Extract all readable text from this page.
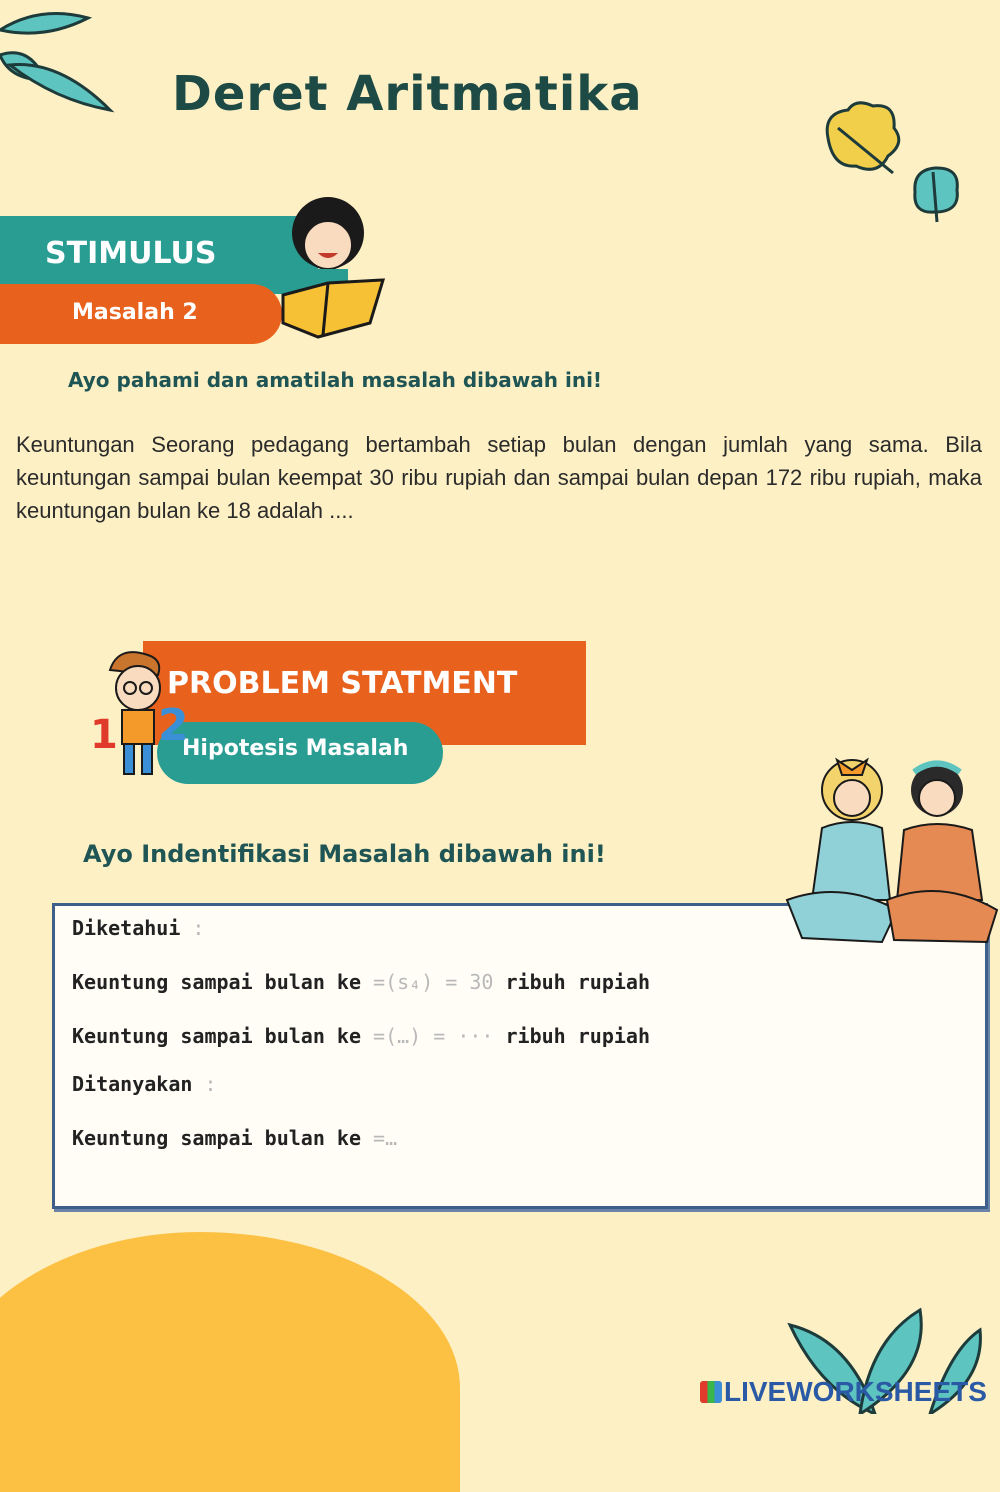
Deret Aritmatika
STIMULUS
Masalah 2
Ayo pahami dan amatilah masalah dibawah ini!
Keuntungan Seorang pedagang bertambah setiap bulan dengan jumlah yang sama. Bila keuntungan sampai bulan keempat 30 ribu rupiah dan sampai bulan depan 172 ribu rupiah, maka keuntungan bulan ke 18 adalah ....
PROBLEM STATMENT
Hipotesis Masalah
1 2
Ayo Indentifikasi Masalah dibawah ini!
Diketahui :
Keuntung sampai bulan ke =(s₄) = 30 ribuh rupiah
Keuntung sampai bulan ke =(…) = ··· ribuh rupiah
Ditanyakan :
Keuntung sampai bulan ke =…
LIVEWORKSHEETS
